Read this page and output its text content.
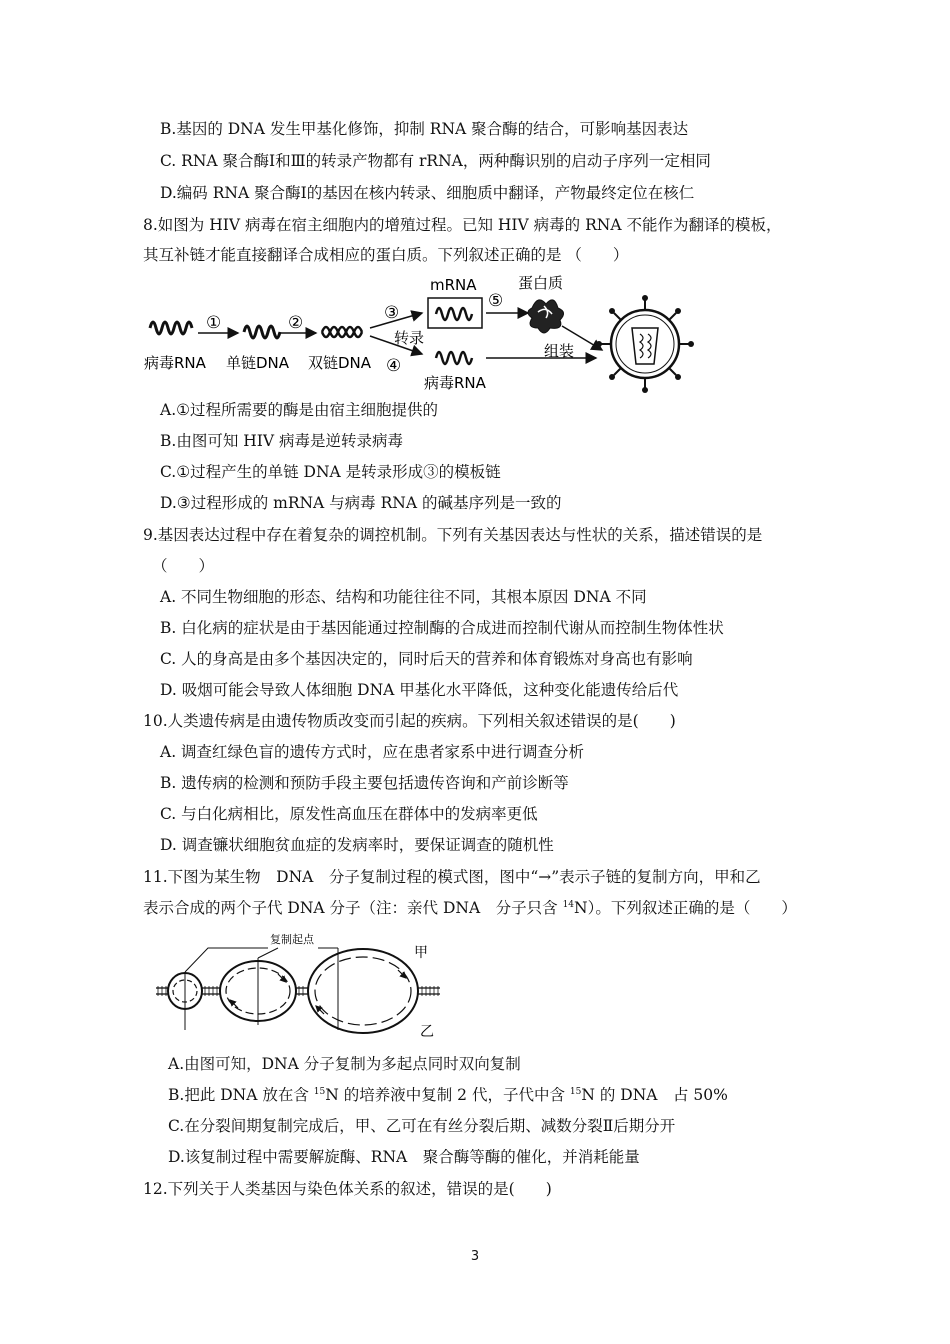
B.基因的 DNA 发生甲基化修饰，抑制 RNA 聚合酶的结合，可影响基因表达
C. RNA 聚合酶Ⅰ和Ⅲ的转录产物都有 rRNA，两种酶识别的启动子序列一定相同
D.编码 RNA 聚合酶Ⅰ的基因在核内转录、细胞质中翻译，产物最终定位在核仁
8.如图为 HIV 病毒在宿主细胞内的增殖过程。已知 HIV 病毒的 RNA 不能作为翻译的模板，
其互补链才能直接翻译合成相应的蛋白质。下列叙述正确的是 （　　）
病毒RNA
①
单链DNA
②
双链DNA
③
转录
④
mRNA
病毒RNA
⑤
蛋白质
组装
A.①过程所需要的酶是由宿主细胞提供的
B.由图可知 HIV 病毒是逆转录病毒
C.①过程产生的单链 DNA 是转录形成③的模板链
D.③过程形成的 mRNA 与病毒 RNA 的碱基序列是一致的
9.基因表达过程中存在着复杂的调控机制。下列有关基因表达与性状的关系，描述错误的是
（　　）
A. 不同生物细胞的形态、结构和功能往往不同，其根本原因 DNA 不同
B. 白化病的症状是由于基因能通过控制酶的合成进而控制代谢从而控制生物体性状
C. 人的身高是由多个基因决定的，同时后天的营养和体育锻炼对身高也有影响
D. 吸烟可能会导致人体细胞 DNA 甲基化水平降低，这种变化能遗传给后代
10.人类遗传病是由遗传物质改变而引起的疾病。下列相关叙述错误的是(　　)
A. 调查红绿色盲的遗传方式时，应在患者家系中进行调查分析
B. 遗传病的检测和预防手段主要包括遗传咨询和产前诊断等
C. 与白化病相比，原发性高血压在群体中的发病率更低
D. 调查镰状细胞贫血症的发病率时，要保证调查的随机性
11.下图为某生物　DNA　分子复制过程的模式图，图中“→”表示子链的复制方向，甲和乙
表示合成的两个子代 DNA 分子（注：亲代 DNA　分子只含 $^{14}$N）。下列叙述正确的是（　　）
复制起点
甲
乙
A.由图可知，DNA 分子复制为多起点同时双向复制
B.把此 DNA 放在含 $^{15}$N 的培养液中复制 2 代，子代中含 $^{15}$N 的 DNA　占 50%
C.在分裂间期复制完成后，甲、乙可在有丝分裂后期、减数分裂Ⅱ后期分开
D.该复制过程中需要解旋酶、RNA　聚合酶等酶的催化，并消耗能量
12.下列关于人类基因与染色体关系的叙述，错误的是(　　)
3
